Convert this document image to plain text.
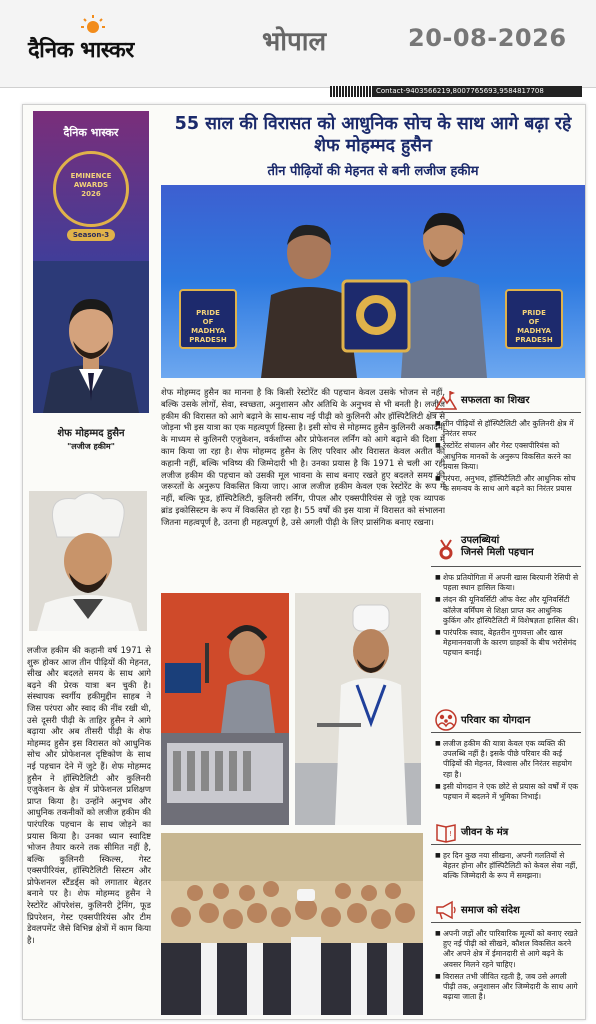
दैनिक भास्कर	भोपाल	20-08-2026
Contact-9403566219,8007765693,9584817708
दैनिक भास्कर
EMINENCE
AWARDS
2026
Season-3
शेफ मोहम्मद हुसैन
"लजीज हकीम"
लजीज हकीम की कहानी वर्ष 1971 से शुरू होकर आज तीन पीढ़ियों की मेहनत, सीख और बदलते समय के साथ आगे बढ़ने की प्रेरक यात्रा बन चुकी है। संस्थापक स्वर्गीय हकीमुद्दीन साहब ने जिस परंपरा और स्वाद की नींव रखी थी, उसे दूसरी पीढ़ी के ताहिर हुसैन ने आगे बढ़ाया और अब तीसरी पीढ़ी के शेफ मोहम्मद हुसैन इस विरासत को आधुनिक सोच और प्रोफेशनल दृष्टिकोण के साथ नई पहचान देने में जुटे हैं। शेफ मोहम्मद हुसैन ने हॉस्पिटैलिटी और कुलिनरी एजुकेशन के क्षेत्र में प्रोफेशनल प्रशिक्षण प्राप्त किया है। उन्होंने अनुभव और आधुनिक तकनीकों को लजीज हकीम की पारंपरिक पहचान के साथ जोड़ने का प्रयास किया है। उनका ध्यान स्वादिष्ट भोजन तैयार करने तक सीमित नहीं है, बल्कि कुलिनरी स्किल्स, गेस्ट एक्सपीरियंस, हॉस्पिटैलिटी सिस्टम और प्रोफेशनल स्टैंडर्ड्स को लगातार बेहतर बनाने पर है। शेफ मोहम्मद हुसैन ने रेस्टोरेंट ऑपरेशंस, कुलिनरी ट्रेनिंग, फूड प्रिपरेशन, गेस्ट एक्सपीरियंस और टीम डेवलपमेंट जैसे विभिन्न क्षेत्रों में काम किया है।
55 साल की विरासत को आधुनिक सोच के साथ आगे बढ़ा रहे शेफ मोहम्मद हुसैन
तीन पीढ़ियों की मेहनत से बनी लजीज हकीम
PRIDE
OF
MADHYA PRADESH
PRIDE
OF
MADHYA PRADESH
शेफ मोहम्मद हुसैन का मानना है कि किसी रेस्टोरेंट की पहचान केवल उसके भोजन से नहीं, बल्कि उसके लोगों, सेवा, स्वच्छता, अनुशासन और अतिथि के अनुभव से भी बनती है। लजीज हकीम की विरासत को आगे बढ़ाने के साथ-साथ नई पीढ़ी को कुलिनरी और हॉस्पिटैलिटी क्षेत्र से जोड़ना भी इस यात्रा का एक महत्वपूर्ण हिस्सा है। इसी सोच से मोहम्मद हुसैन कुलिनरी अकादमी के माध्यम से कुलिनरी एजुकेशन, वर्कशॉप्स और प्रोफेशनल लर्निंग को आगे बढ़ाने की दिशा में काम किया जा रहा है। शेफ मोहम्मद हुसैन के लिए परिवार और विरासत केवल अतीत की कहानी नहीं, बल्कि भविष्य की जिम्मेदारी भी है। उनका प्रयास है कि 1971 से चली आ रही लजीज हकीम की पहचान को उसकी मूल भावना के साथ बनाए रखते हुए बदलते समय की जरूरतों के अनुरूप विकसित किया जाए। आज लजीज हकीम केवल एक रेस्टोरेंट के रूप में नहीं, बल्कि फूड, हॉस्पिटैलिटी, कुलिनरी लर्निंग, पीपल और एक्सपीरियंस से जुड़े एक व्यापक ब्रांड इकोसिस्टम के रूप में विकसित हो रहा है। 55 वर्षों की इस यात्रा में विरासत को संभालना जितना महत्वपूर्ण है, उतना ही महत्वपूर्ण है, उसे अगली पीढ़ी के लिए प्रासंगिक बनाए रखना।
सफलता का शिखर
■ तीन पीढ़ियों से हॉस्पिटैलिटी और कुलिनरी क्षेत्र में निरंतर सफर
■ रेस्टोरेंट संचालन और गेस्ट एक्सपीरियंस को आधुनिक मानकों के अनुरूप विकसित करने का प्रयास किया।
■ परंपरा, अनुभव, हॉस्पिटैलिटी और आधुनिक सोच के समन्वय के साथ आगे बढ़ने का निरंतर प्रयास
उपलब्धियां
जिनसे मिली पहचान
■ शेफ प्रतियोगिता में अपनी खास बिरयानी रेसिपी से पहला स्थान हासिल किया।
■ लंदन की यूनिवर्सिटी ऑफ वेस्ट और यूनिवर्सिटी कॉलेज बर्मिंघम से शिक्षा प्राप्त कर आधुनिक कुकिंग और हॉस्पिटैलिटी में विशेषज्ञता हासिल की।
■ पारंपरिक स्वाद, बेहतरीन गुणवत्ता और खास मेहमाननवाजी के कारण ग्राहकों के बीच भरोसेमंद पहचान बनाई।
परिवार का योगदान
■ लजीज हकीम की यात्रा केवल एक व्यक्ति की उपलब्धि नहीं है। इसके पीछे परिवार की कई पीढ़ियों की मेहनत, विश्वास और निरंतर सहयोग रहा है।
■ इसी योगदान ने एक छोटे से प्रयास को वर्षों में एक पहचान में बदलने में भूमिका निभाई।
! जीवन के मंत्र
■ हर दिन कुछ नया सीखना, अपनी गलतियों से बेहतर होना और हॉस्पिटैलिटी को केवल सेवा नहीं, बल्कि जिम्मेदारी के रूप में समझना।
समाज को संदेश
■ अपनी जड़ों और पारिवारिक मूल्यों को बनाए रखते हुए नई पीढ़ी को सीखने, कौशल विकसित करने और अपने क्षेत्र में ईमानदारी से आगे बढ़ने के अवसर मिलने रहने चाहिए।
■ विरासत तभी जीवित रहती है, जब उसे अगली पीढ़ी तक, अनुशासन और जिम्मेदारी के साथ आगे बढ़ाया जाता है।
